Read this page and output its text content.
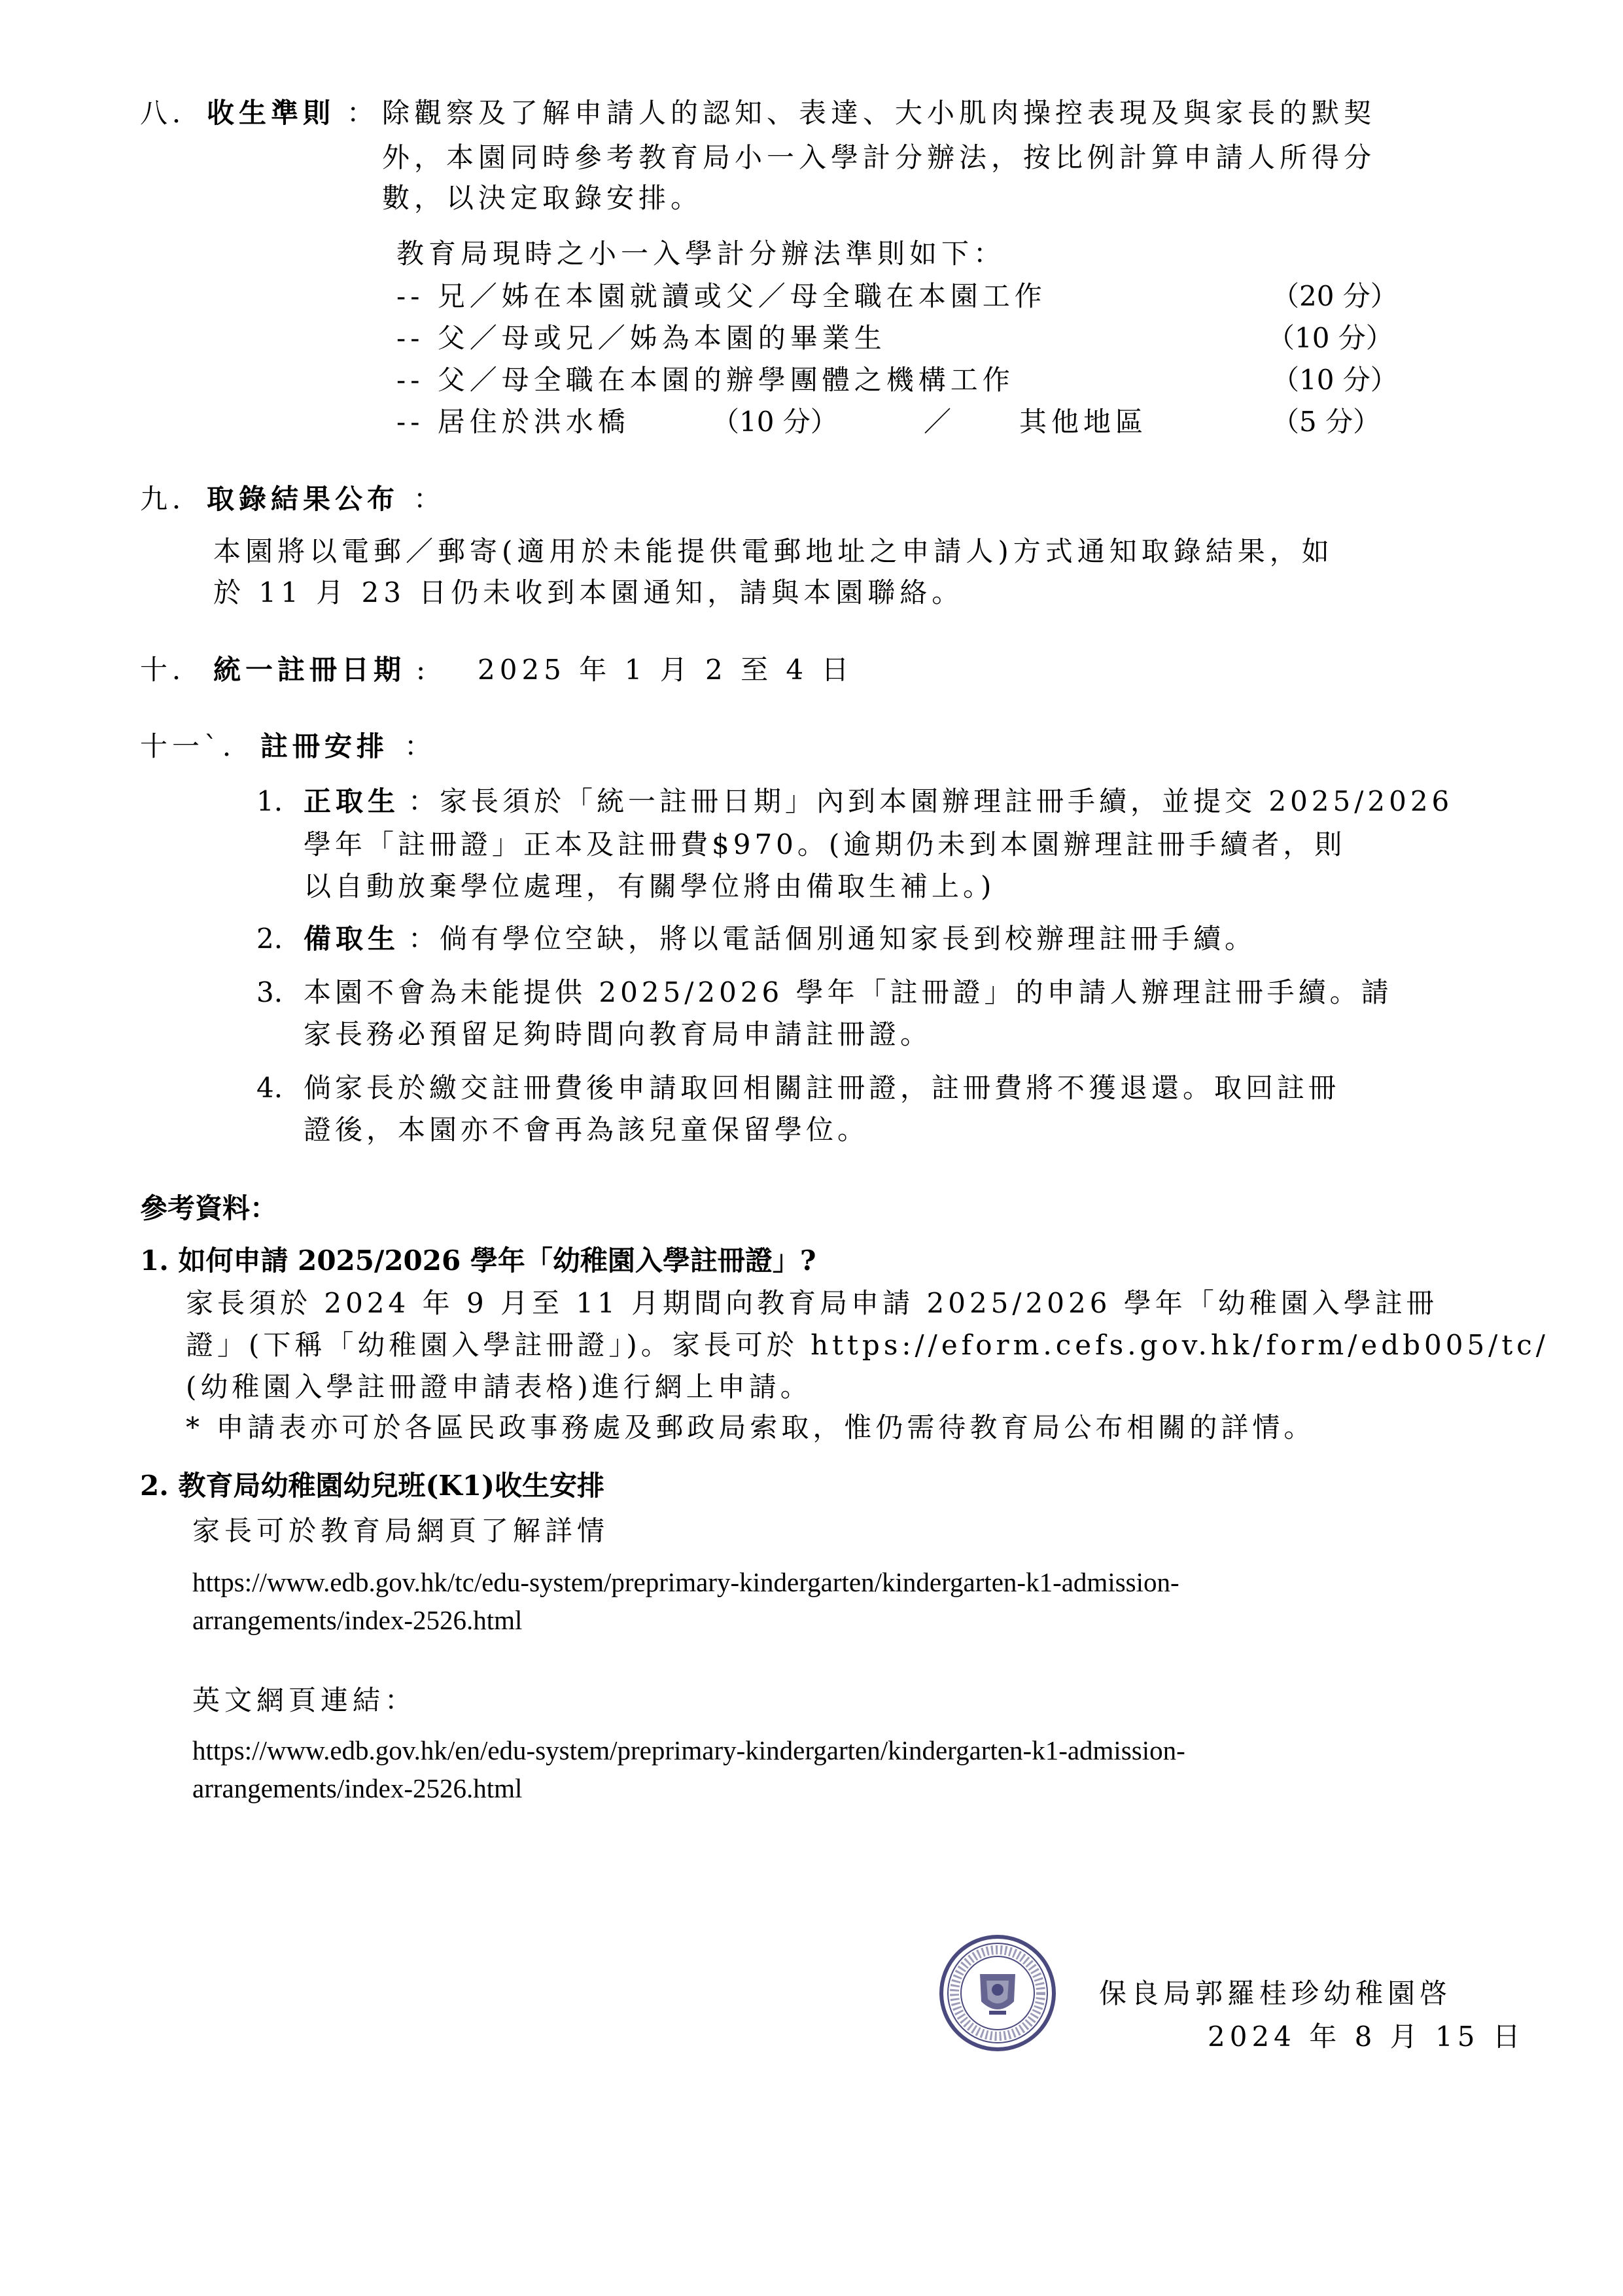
八． 收生準則 ： 除觀察及了解申請人的認知、表達、大小肌肉操控表現及與家長的默契
外，本園同時參考教育局小一入學計分辦法，按比例計算申請人所得分
數，以決定取錄安排。
教育局現時之小一入學計分辦法準則如下：
-- 兄／姊在本園就讀或父／母全職在本園工作	（20 分）
-- 父／母或兄／姊為本園的畢業生	（10 分）
-- 父／母全職在本園的辦學團體之機構工作	（10 分）
-- 居住於洪水橋	（10 分）	／ 其他地區	（5 分）
九． 取錄結果公布 ：
本園將以電郵／郵寄(適用於未能提供電郵地址之申請人)方式通知取錄結果，如
於 11 月 23 日仍未收到本園通知，請與本園聯絡。
十． 統一註冊日期 : 2025 年 1 月 2 至 4 日
十一`． 註冊安排 ：
1. 正取生 ：家長須於「統一註冊日期」內到本園辦理註冊手續，並提交 2025/2026
學年「註冊證」正本及註冊費$970。(逾期仍未到本園辦理註冊手續者，則
以自動放棄學位處理，有關學位將由備取生補上。)
2. 備取生 ：倘有學位空缺，將以電話個別通知家長到校辦理註冊手續。
3. 本園不會為未能提供 2025/2026 學年「註冊證」的申請人辦理註冊手續。請
家長務必預留足夠時間向教育局申請註冊證。
4. 倘家長於繳交註冊費後申請取回相關註冊證，註冊費將不獲退還。取回註冊
證後，本園亦不會再為該兒童保留學位。
參考資料：
1. 如何申請 2025/2026 學年「幼稚園入學註冊證」?
家長須於 2024 年 9 月至 11 月期間向教育局申請 2025/2026 學年「幼稚園入學註冊
證」(下稱「幼稚園入學註冊證」)。家長可於 https://eform.cefs.gov.hk/form/edb005/tc/
(幼稚園入學註冊證申請表格)進行網上申請。
* 申請表亦可於各區民政事務處及郵政局索取，惟仍需待教育局公布相關的詳情。
2. 教育局幼稚園幼兒班(K1)收生安排
家長可於教育局網頁了解詳情
https://www.edb.gov.hk/tc/edu-system/preprimary-kindergarten/kindergarten-k1-admission-
arrangements/index-2526.html
英文網頁連結：
https://www.edb.gov.hk/en/edu-system/preprimary-kindergarten/kindergarten-k1-admission-
arrangements/index-2526.html
保良局郭羅桂珍幼稚園啓
2024 年 8 月 15 日
